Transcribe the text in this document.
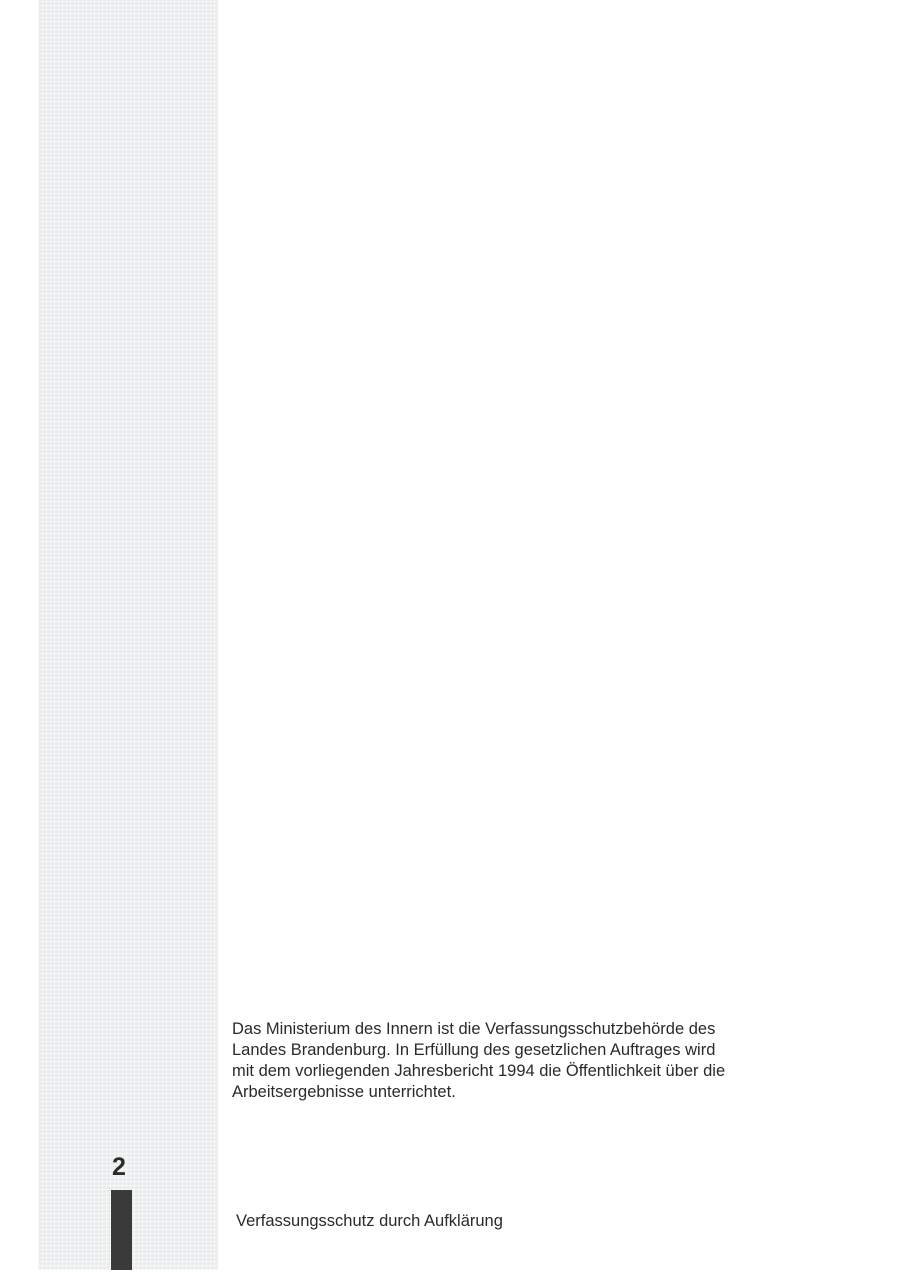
2

Das Ministerium des Innern ist die Verfassungsschutzbehörde des
Landes Brandenburg. In Erfüllung des gesetzlichen Auftrages wird
mit dem vorliegenden Jahresbericht 1994 die Öffentlichkeit über die
Arbeitsergebnisse unterrichtet.

Verfassungsschutz durch Aufklärung
